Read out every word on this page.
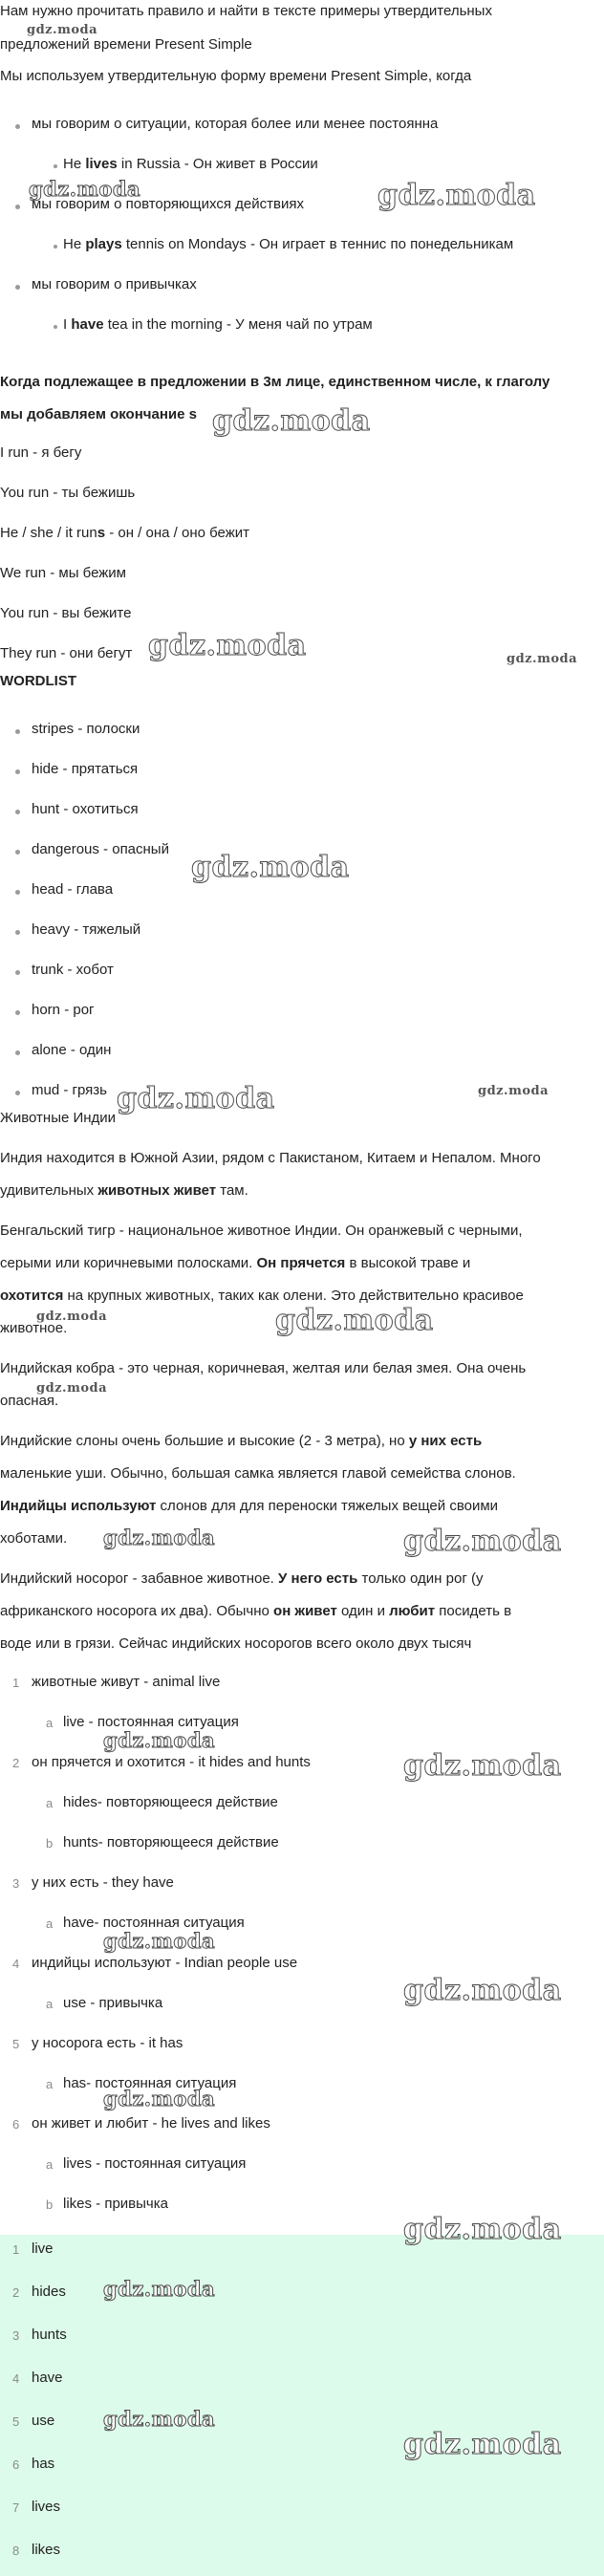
Нам нужно прочитать правило и найти в тексте примеры утвердительных
предложений времени Present Simple
Мы используем утвердительную форму времени Present Simple, когда
мы говорим о ситуации, которая более или менее постоянна
He lives in Russia - Он живет в России
мы говорим о повторяющихся действиях
He plays tennis on Mondays - Он играет в теннис по понедельникам
мы говорим о привычках
I have tea in the morning - У меня чай по утрам
Когда подлежащее в предложении в 3м лице, единственном числе, к глаголу
мы добавляем окончание s
I run - я бегу
You run - ты бежишь
He / she / it runs - он / она / оно бежит
We run - мы бежим
You run - вы бежите
They run - они бегут
WORDLIST
stripes - полоски
hide - прятаться
hunt - охотиться
dangerous - опасный
head - глава
heavy - тяжелый
trunk - хобот
horn - рог
alone - один
mud - грязь
Животные Индии
Индия находится в Южной Азии, рядом с Пакистаном, Китаем и Непалом. Много
удивительных животных живет там.
Бенгальский тигр - национальное животное Индии. Он оранжевый с черными,
серыми или коричневыми полосками. Он прячется в высокой траве и
охотится на крупных животных, таких как олени. Это действительно красивое
животное.
Индийская кобра - это черная, коричневая, желтая или белая змея. Она очень
опасная.
Индийские слоны очень большие и высокие (2 - 3 метра), но у них есть
маленькие уши. Обычно, большая самка является главой семейства слонов.
Индийцы используют слонов для для переноски тяжелых вещей своими
хоботами.
Индийский носорог - забавное животное. У него есть только один рог (у
африканского носорога их два). Обычно он живет один и любит посидеть в
воде или в грязи. Сейчас индийских носорогов всего около двух тысяч
1 животные живут - animal live
a live - постоянная ситуация
2 он прячется и охотится - it hides and hunts
a hides- повторяющееся действие
b hunts- повторяющееся действие
3 у них есть - they have
a have- постоянная ситуация
4 индийцы используют - Indian people use
a use - привычка
5 у носорога есть - it has
a has- постоянная ситуация
6 он живет и любит - he lives and likes
a lives - постоянная ситуация
b likes - привычка
1 live
2 hides
3 hunts
4 have
5 use
6 has
7 lives
8 likes
gdz.moda
gdz.moda	gdz.moda
gdz.moda
gdz.moda	gdz.moda
gdz.moda
gdz.moda	gdz.moda
gdz.moda	gdz.moda
gdz.moda
gdz.moda	gdz.moda
gdz.moda
gdz.moda
gdz.moda
gdz.moda
gdz.moda
gdz.moda
gdz.moda
gdz.moda
gdz.moda
